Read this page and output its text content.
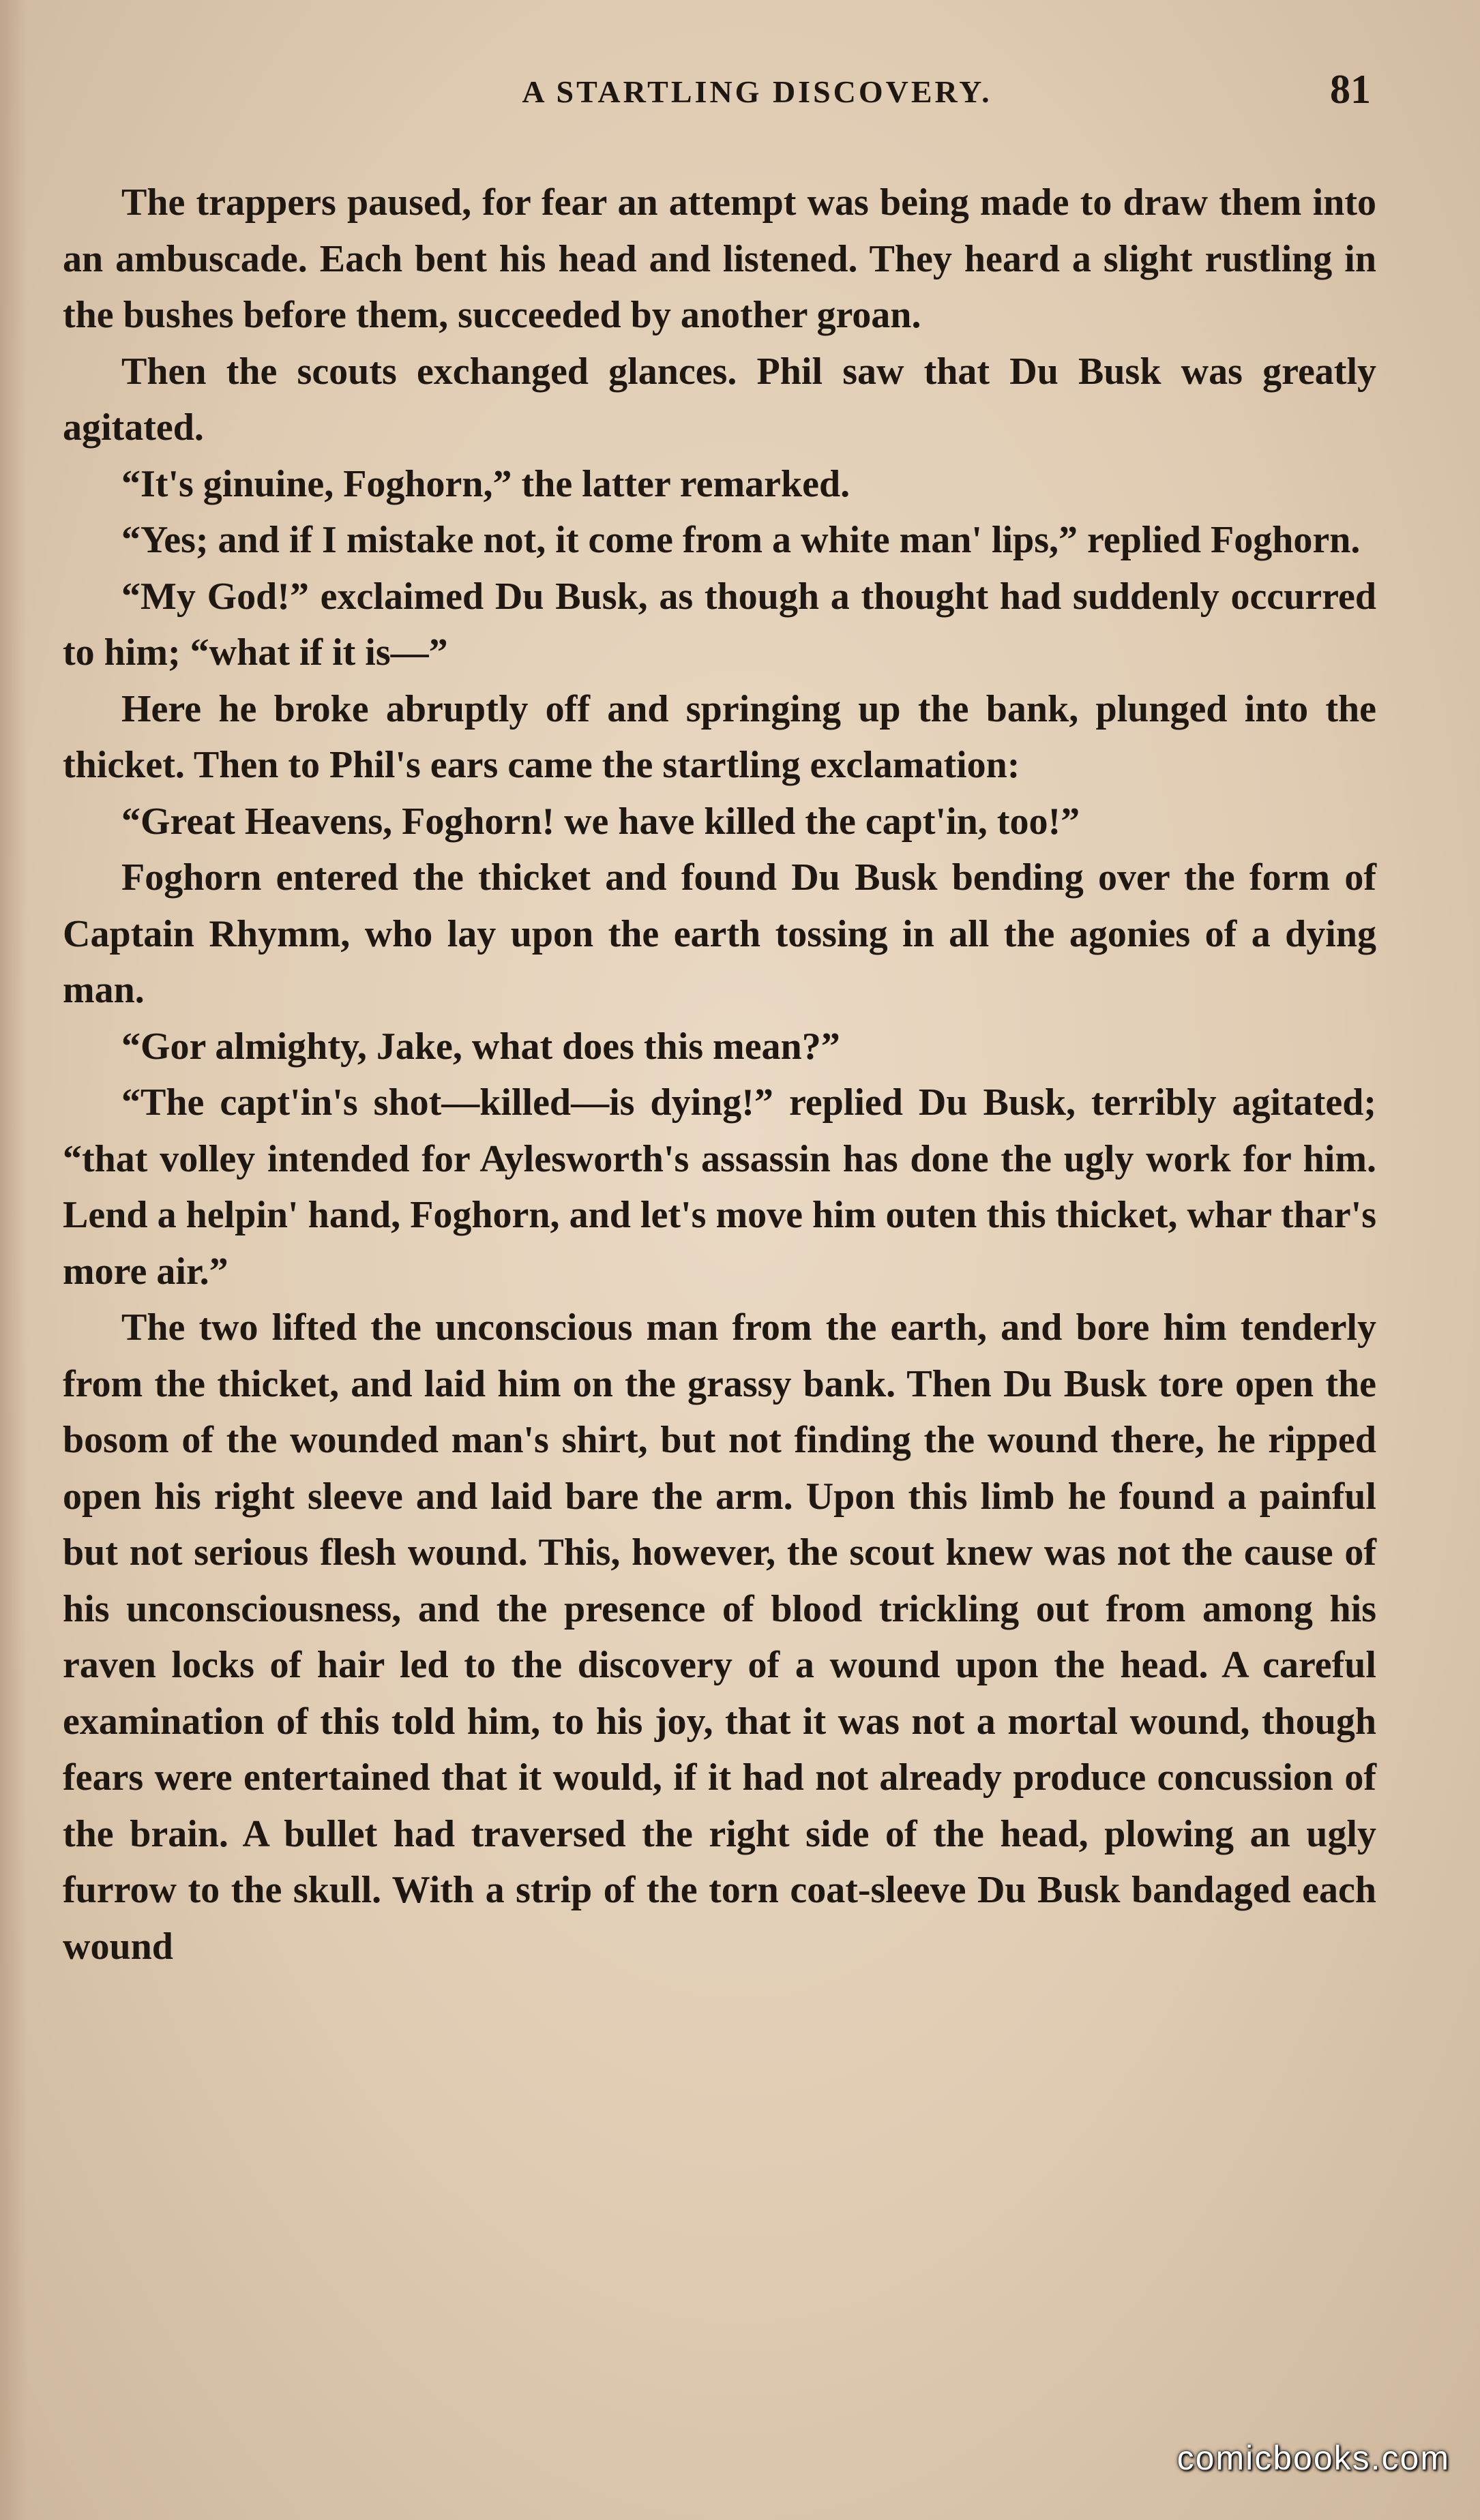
A STARTLING DISCOVERY.	81

The trappers paused, for fear an attempt was being made to draw them into an ambuscade. Each bent his head and listened. They heard a slight rustling in the bushes before them, succeeded by another groan.

Then the scouts exchanged glances. Phil saw that Du Busk was greatly agitated.

“It's ginuine, Foghorn,” the latter remarked.

“Yes; and if I mistake not, it come from a white man' lips,” replied Foghorn.

“My God!” exclaimed Du Busk, as though a thought had suddenly occurred to him; “what if it is—”

Here he broke abruptly off and springing up the bank, plunged into the thicket. Then to Phil's ears came the startling exclamation:

“Great Heavens, Foghorn! we have killed the capt'in, too!”

Foghorn entered the thicket and found Du Busk bending over the form of Captain Rhymm, who lay upon the earth tossing in all the agonies of a dying man.

“Gor almighty, Jake, what does this mean?”

“The capt'in's shot—killed—is dying!” replied Du Busk, terribly agitated; “that volley intended for Aylesworth's assassin has done the ugly work for him. Lend a helpin' hand, Foghorn, and let's move him outen this thicket, whar thar's more air.”

The two lifted the unconscious man from the earth, and bore him tenderly from the thicket, and laid him on the grassy bank. Then Du Busk tore open the bosom of the wounded man's shirt, but not finding the wound there, he ripped open his right sleeve and laid bare the arm. Upon this limb he found a painful but not serious flesh wound. This, however, the scout knew was not the cause of his unconsciousness, and the presence of blood trickling out from among his raven locks of hair led to the discovery of a wound upon the head. A careful examination of this told him, to his joy, that it was not a mortal wound, though fears were entertained that it would, if it had not already produce concussion of the brain. A bullet had traversed the right side of the head, plowing an ugly furrow to the skull. With a strip of the torn coat-sleeve Du Busk bandaged each wound

comicbooks.com
